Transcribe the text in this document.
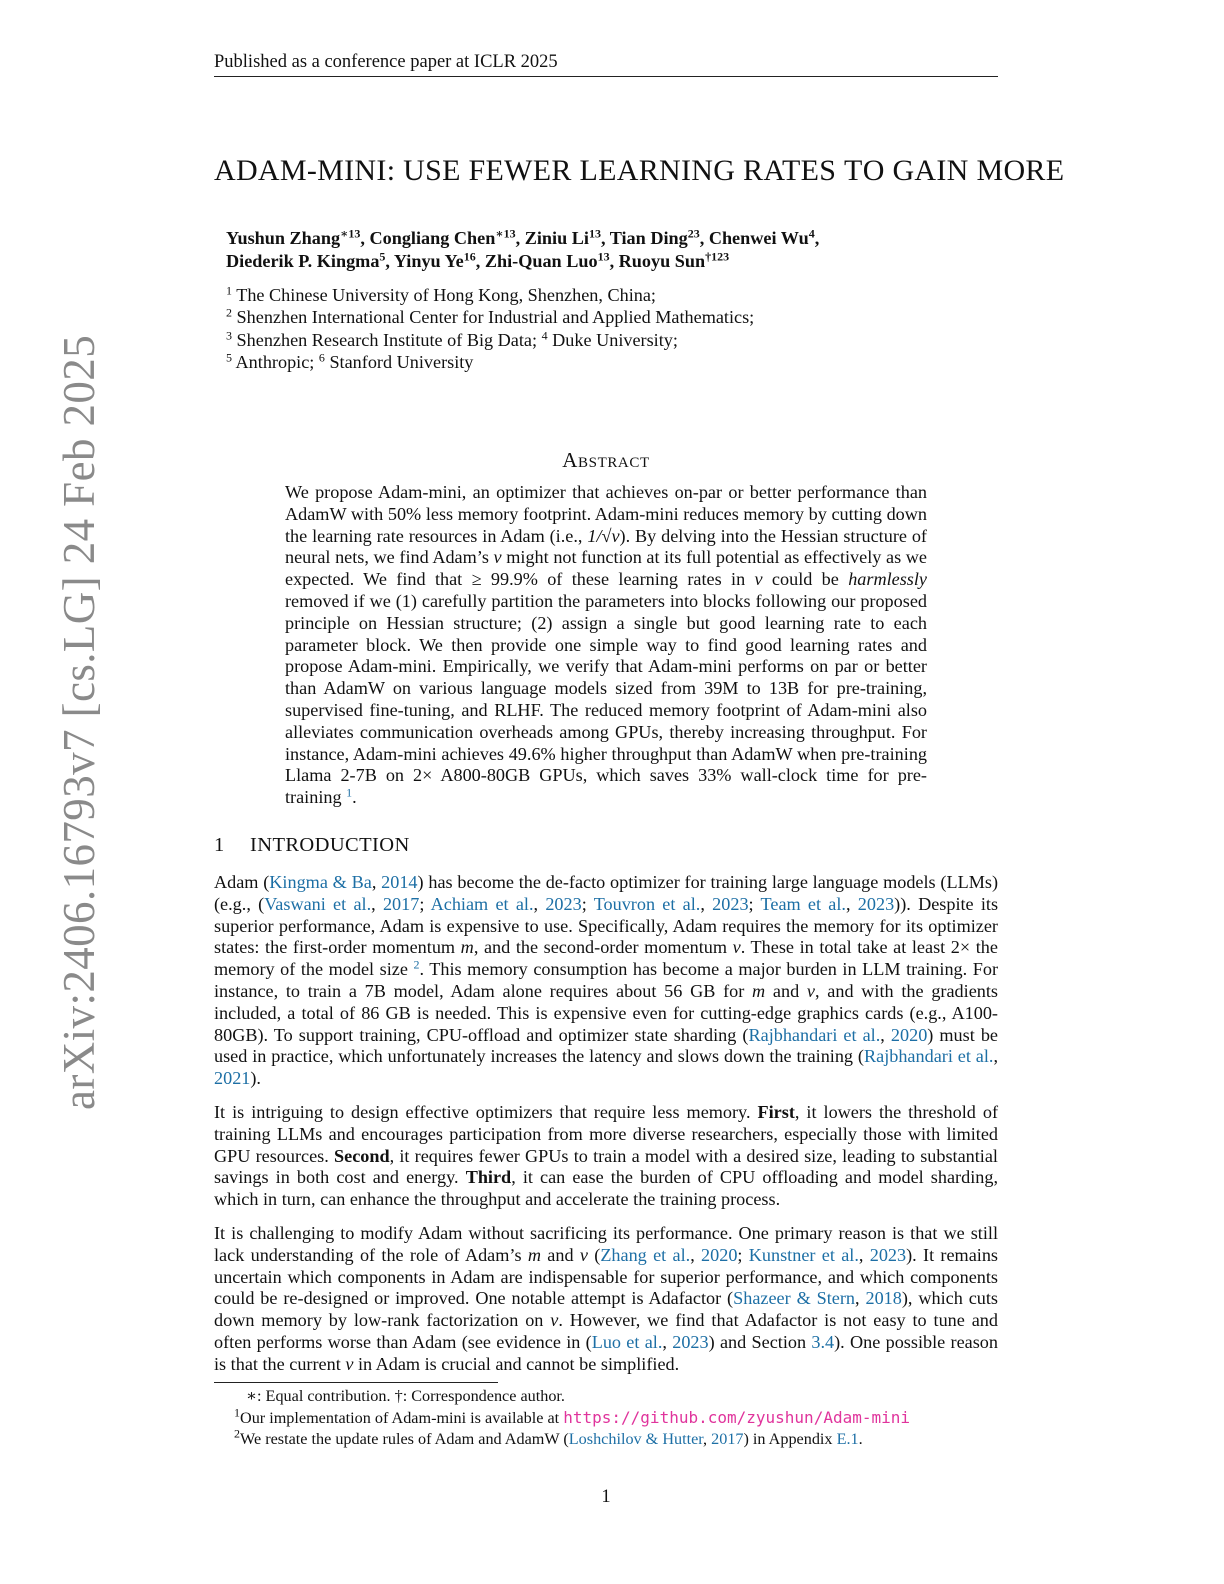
Published as a conference paper at ICLR 2025
arXiv:2406.16793v7 [cs.LG] 24 Feb 2025
ADAM-MINI: USE FEWER LEARNING RATES TO GAIN MORE
Yushun Zhang$^{∗13}$, Congliang Chen$^{∗13}$, Ziniu Li$^{13}$, Tian Ding$^{23}$, Chenwei Wu$^4$,
Diederik P. Kingma$^5$, Yinyu Ye$^{16}$, Zhi-Quan Luo$^{13}$, Ruoyu Sun$^{\dagger 123}$
$^1$ The Chinese University of Hong Kong, Shenzhen, China;
$^2$ Shenzhen International Center for Industrial and Applied Mathematics;
$^3$ Shenzhen Research Institute of Big Data; $^4$ Duke University;
$^5$ Anthropic; $^6$ Stanford University
Abstract
We propose Adam-mini, an optimizer that achieves on-par or better performance than AdamW with 50% less memory footprint. Adam-mini reduces memory by cutting down the learning rate resources in Adam (i.e., 1/√v). By delving into the Hessian structure of neural nets, we find Adam’s v might not function at its full potential as effectively as we expected. We find that ≥ 99.9% of these learning rates in v could be harmlessly removed if we (1) carefully partition the parameters into blocks following our proposed principle on Hessian structure; (2) assign a single but good learning rate to each parameter block. We then provide one simple way to find good learning rates and propose Adam-mini. Empirically, we verify that Adam-mini performs on par or better than AdamW on various language models sized from 39M to 13B for pre-training, supervised fine-tuning, and RLHF. The reduced memory footprint of Adam-mini also alleviates communication overheads among GPUs, thereby increasing throughput. For instance, Adam-mini achieves 49.6% higher throughput than AdamW when pre-training Llama 2-7B on 2× A800-80GB GPUs, which saves 33% wall-clock time for pre-training $^1$.
1 INTRODUCTION

Adam (Kingma & Ba, 2014) has become the de-facto optimizer for training large language models (LLMs) (e.g., (Vaswani et al., 2017; Achiam et al., 2023; Touvron et al., 2023; Team et al., 2023)). Despite its superior performance, Adam is expensive to use. Specifically, Adam requires the memory for its optimizer states: the first-order momentum m, and the second-order momentum v. These in total take at least 2× the memory of the model size $^2$. This memory consumption has become a major burden in LLM training. For instance, to train a 7B model, Adam alone requires about 56 GB for m and v, and with the gradients included, a total of 86 GB is needed. This is expensive even for cutting-edge graphics cards (e.g., A100-80GB). To support training, CPU-offload and optimizer state sharding (Rajbhandari et al., 2020) must be used in practice, which unfortunately increases the latency and slows down the training (Rajbhandari et al., 2021).

It is intriguing to design effective optimizers that require less memory. First, it lowers the threshold of training LLMs and encourages participation from more diverse researchers, especially those with limited GPU resources. Second, it requires fewer GPUs to train a model with a desired size, leading to substantial savings in both cost and energy. Third, it can ease the burden of CPU offloading and model sharding, which in turn, can enhance the throughput and accelerate the training process.

It is challenging to modify Adam without sacrificing its performance. One primary reason is that we still lack understanding of the role of Adam’s m and v (Zhang et al., 2020; Kunstner et al., 2023). It remains uncertain which components in Adam are indispensable for superior performance, and which components could be re-designed or improved. One notable attempt is Adafactor (Shazeer & Stern, 2018), which cuts down memory by low-rank factorization on v. However, we find that Adafactor is not easy to tune and often performs worse than Adam (see evidence in (Luo et al., 2023) and Section 3.4). One possible reason is that the current v in Adam is crucial and cannot be simplified.

∗: Equal contribution. †: Correspondence author.
$^1$Our implementation of Adam-mini is available at https://github.com/zyushun/Adam-mini
$^2$We restate the update rules of Adam and AdamW (Loshchilov & Hutter, 2017) in Appendix E.1.
1
